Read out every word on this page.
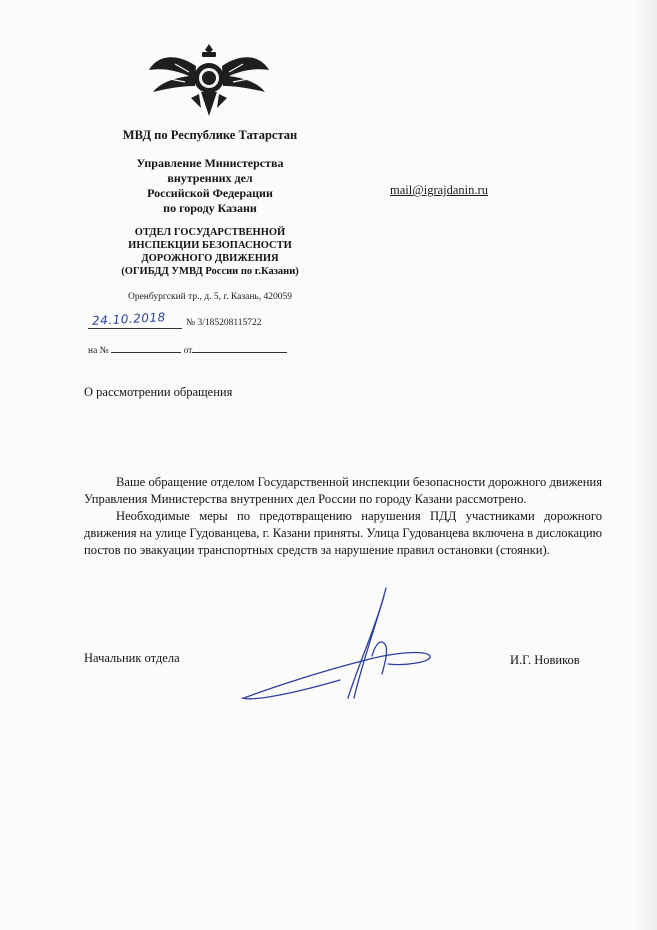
МВД по Республике Татарстан
Управление Министерства
внутренних дел
Российской Федерации
по городу Казани
ОТДЕЛ ГОСУДАРСТВЕННОЙ
ИНСПЕКЦИИ БЕЗОПАСНОСТИ
ДОРОЖНОГО ДВИЖЕНИЯ
(ОГИБДД УМВД России по г.Казани)
Оренбургский тр., д. 5, г. Казань, 420059
24.10.2018 № 3/185208115722
на №	от
mail@igrajdanin.ru
О рассмотрении обращения

Ваше обращение отделом Государственной инспекции безопасности дорожного движения Управления Министерства внутренних дел России по городу Казани рассмотрено.

Необходимые меры по предотвращению нарушения ПДД участниками дорожного движения на улице Гудованцева, г. Казани приняты. Улица Гудованцева включена в дислокацию постов по эвакуации транспортных средств за нарушение правил остановки (стоянки).

Начальник отдела	И.Г. Новиков
